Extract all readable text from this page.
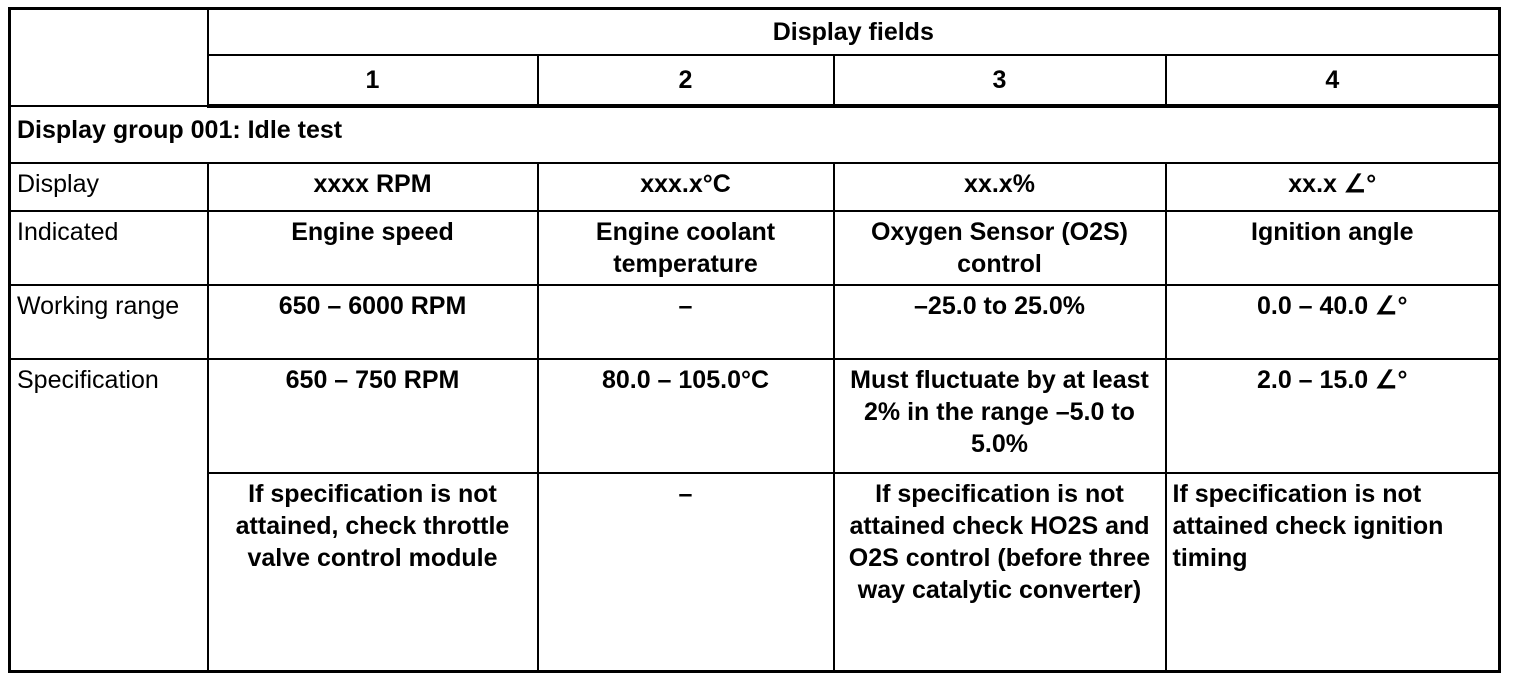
	Display fields			
	1	2	3	4
Display group 001: Idle test				
Display	xxxx RPM	xxx.x°C	xx.x%	xx.x ∠°
Indicated	Engine speed	Engine coolant temperature	Oxygen Sensor (O2S) control	Ignition angle
Working range	650 – 6000 RPM	–	–25.0 to 25.0%	0.0 – 40.0 ∠°
Specification	650 – 750 RPM	80.0 – 105.0°C	Must fluctuate by at least 2% in the range –5.0 to 5.0%	2.0 – 15.0 ∠°
	If specification is not attained, check throttle valve control module	–	If specification is not attained check HO2S and O2S control (before three way catalytic converter)	If specification is not attained check ignition timing
